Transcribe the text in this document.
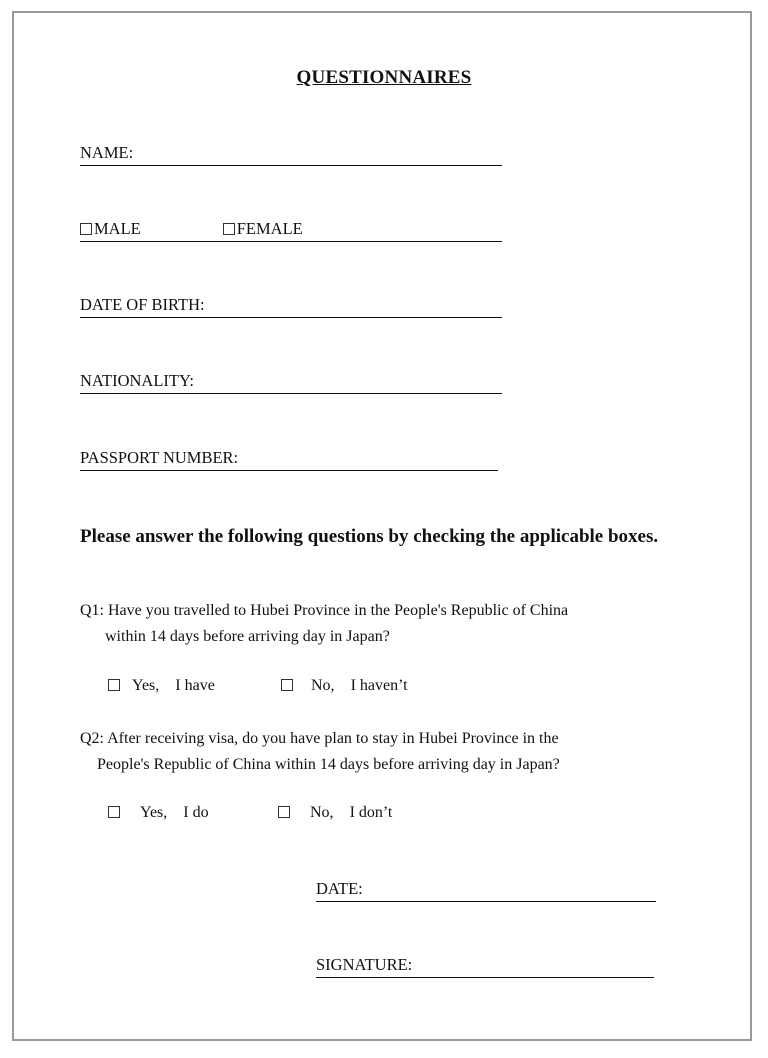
QUESTIONNAIRES
NAME:
MALE	FEMALE
DATE OF BIRTH:
NATIONALITY:
PASSPORT NUMBER:
Please answer the following questions by checking the applicable boxes.
Q1: Have you travelled to Hubei Province in the People's Republic of China
within 14 days before arriving day in Japan?
Yes, I have	No, I haven’t
Q2: After receiving visa, do you have plan to stay in Hubei Province in the
People's Republic of China within 14 days before arriving day in Japan?
Yes, I do	No, I don’t
DATE:
SIGNATURE:
